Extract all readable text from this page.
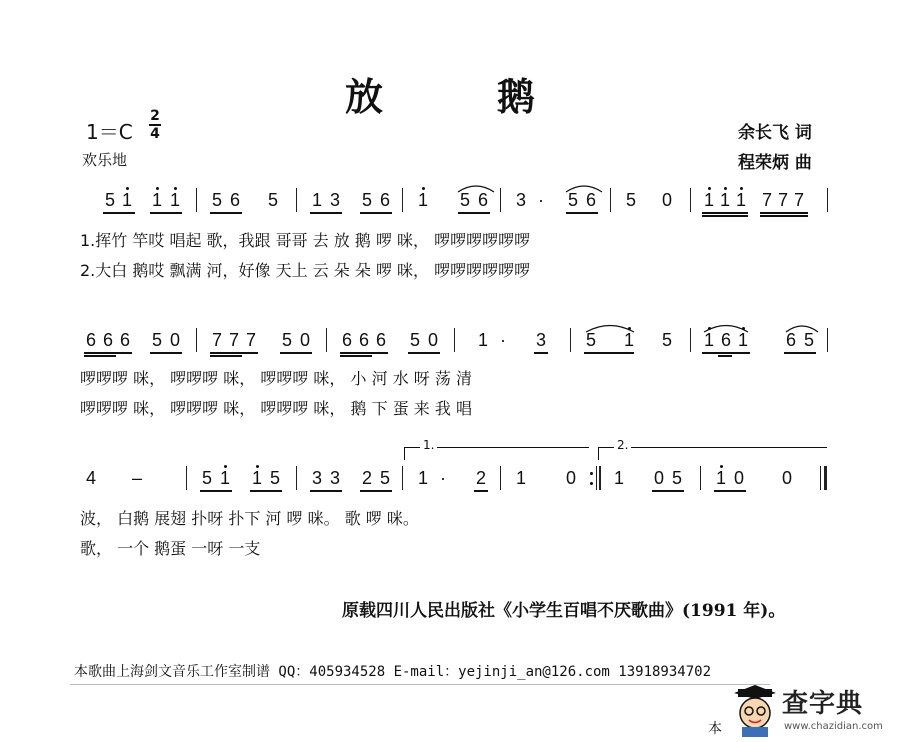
放　　　鹅
1＝C
2
4
欢乐地
余长飞 词
程荣炳 曲
5 1 1 1 5 6 5 1 3 5 6 1 5 6 3 · 5 6 5 0 1 1 1 7 7 7
1.挥竹 竿哎 唱起 歌，我跟 哥哥 去 放 鹅 啰 咪， 啰啰啰啰啰啰
2.大白 鹅哎 飘满 河，好像 天上 云 朵 朵 啰 咪， 啰啰啰啰啰啰
6 6 6 5 0 7 7 7 5 0 6 6 6 5 0 1 · 3 5 1 5 1 6 1 6 5
啰啰啰 咪， 啰啰啰 咪， 啰啰啰 咪， 小 河 水 呀 荡 清
啰啰啰 咪， 啰啰啰 咪， 啰啰啰 咪， 鹅 下 蛋 来 我 唱
1.	2.
4 –	5 1 1 5 3 3 2 5 1 · 2 1 0 1 0 5 1 0 0
波， 白鹅 展翅 扑呀 扑下 河 啰 咪。 歌 啰 咪。
歌， 一个 鹅蛋 一呀 一支
原载四川人民出版社《小学生百唱不厌歌曲》(1991 年)。
本歌曲上海剑文音乐工作室制谱 QQ：405934528 E-mail：yejinji_an@126.com 13918934702
本
查字典
www.chazidian.com
